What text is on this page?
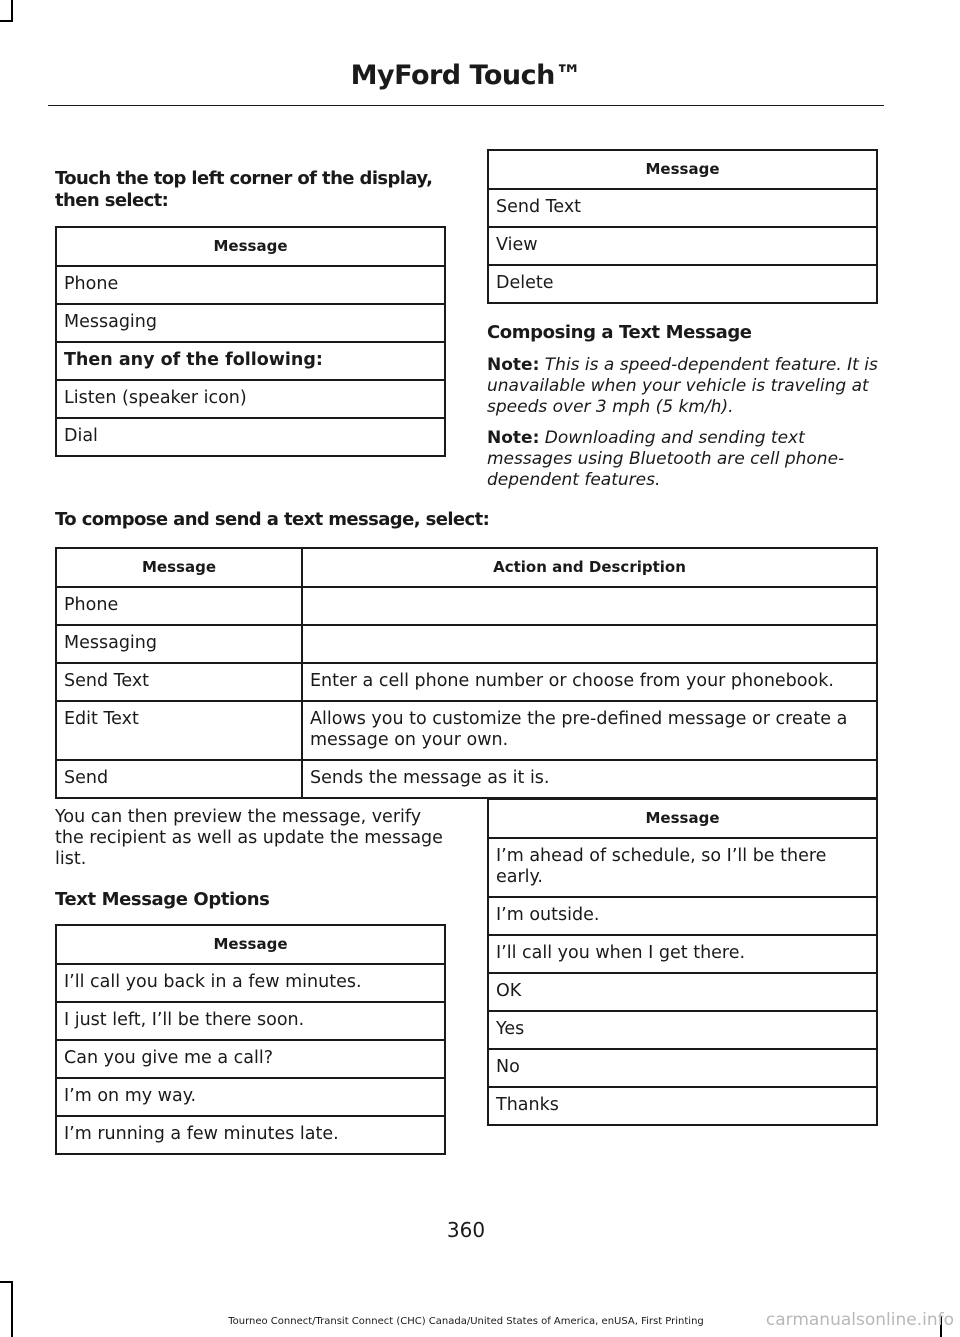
MyFord Touch™

Touch the top left corner of the display, then select:

Message
Phone
Messaging
Then any of the following:
Listen (speaker icon)
Dial
Message
Send Text
View
Delete
Composing a Text Message

Note: This is a speed-dependent feature. It is unavailable when your vehicle is traveling at speeds over 3 mph (5 km/h).

Note: Downloading and sending text messages using Bluetooth are cell phone-dependent features.

To compose and send a text message, select:

Message	Action and Description
Phone	
Messaging	
Send Text	Enter a cell phone number or choose from your phonebook.
Edit Text	Allows you to customize the pre-defined message or create a message on your own.
Send	Sends the message as it is.

You can then preview the message, verify the recipient as well as update the message list.

Text Message Options
Message
I’ll call you back in a few minutes.
I just left, I’ll be there soon.
Can you give me a call?
I’m on my way.
I’m running a few minutes late.
Message
I’m ahead of schedule, so I’ll be there early.
I’m outside.
I’ll call you when I get there.
OK
Yes
No
Thanks
360
Tourneo Connect/Transit Connect (CHC) Canada/United States of America, enUSA, First Printing	carmanualsonline.info
